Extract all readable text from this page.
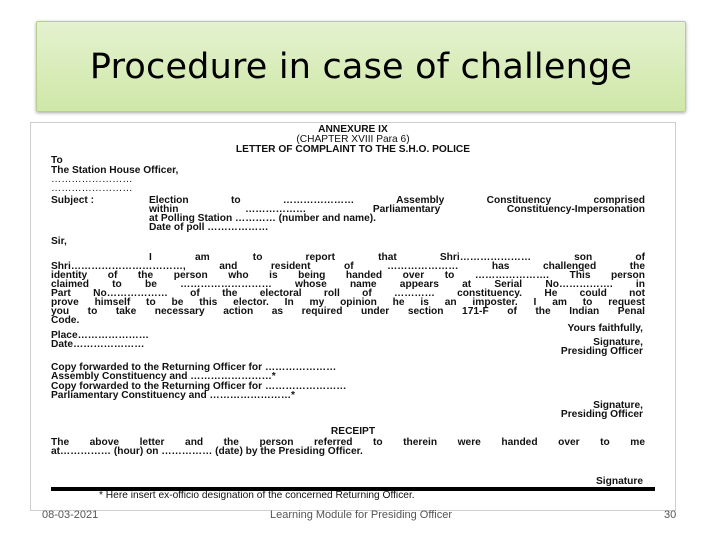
Procedure in case of challenge
ANNEXURE IX
(CHAPTER XVIII Para 6)
LETTER OF COMPLAINT TO THE S.H.O. POLICE
To
The Station House Officer,
……………………
……………………
Subject :	Election to ………………… Assembly Constituency comprised
within ……………… Parliamentary Constituency-Impersonation
at Polling Station ………… (number and name).
Date of poll ………………
Sir,
I am to report that Shri………………… son of
Shri……………………………, and resident of ………………… has challenged the
identity of the person who is being handed over to …………………. This person
claimed to be ……………………… whose name appears at Serial No……………. in
Part No……………… of the electoral roll of ………… constituency. He could not
prove himself to be this elector. In my opinion he is an imposter. I am to request
you to take necessary action as required under section 171-F of the Indian Penal
Code.
Yours faithfully,
Place…………………
Date…………………	Signature,
Presiding Officer
Copy forwarded to the Returning Officer for …………………
Assembly Constituency and ……………………*
Copy forwarded to the Returning Officer for ……………………
Parliamentary Constituency and ……………………*
Signature,
Presiding Officer
RECEIPT
The above letter and the person referred to therein were handed over to me
at…………… (hour) on …………… (date) by the Presiding Officer.
Signature
* Here insert ex-officio designation of the concerned Returning Officer.
08-03-2021	Learning Module for Presiding Officer	30
